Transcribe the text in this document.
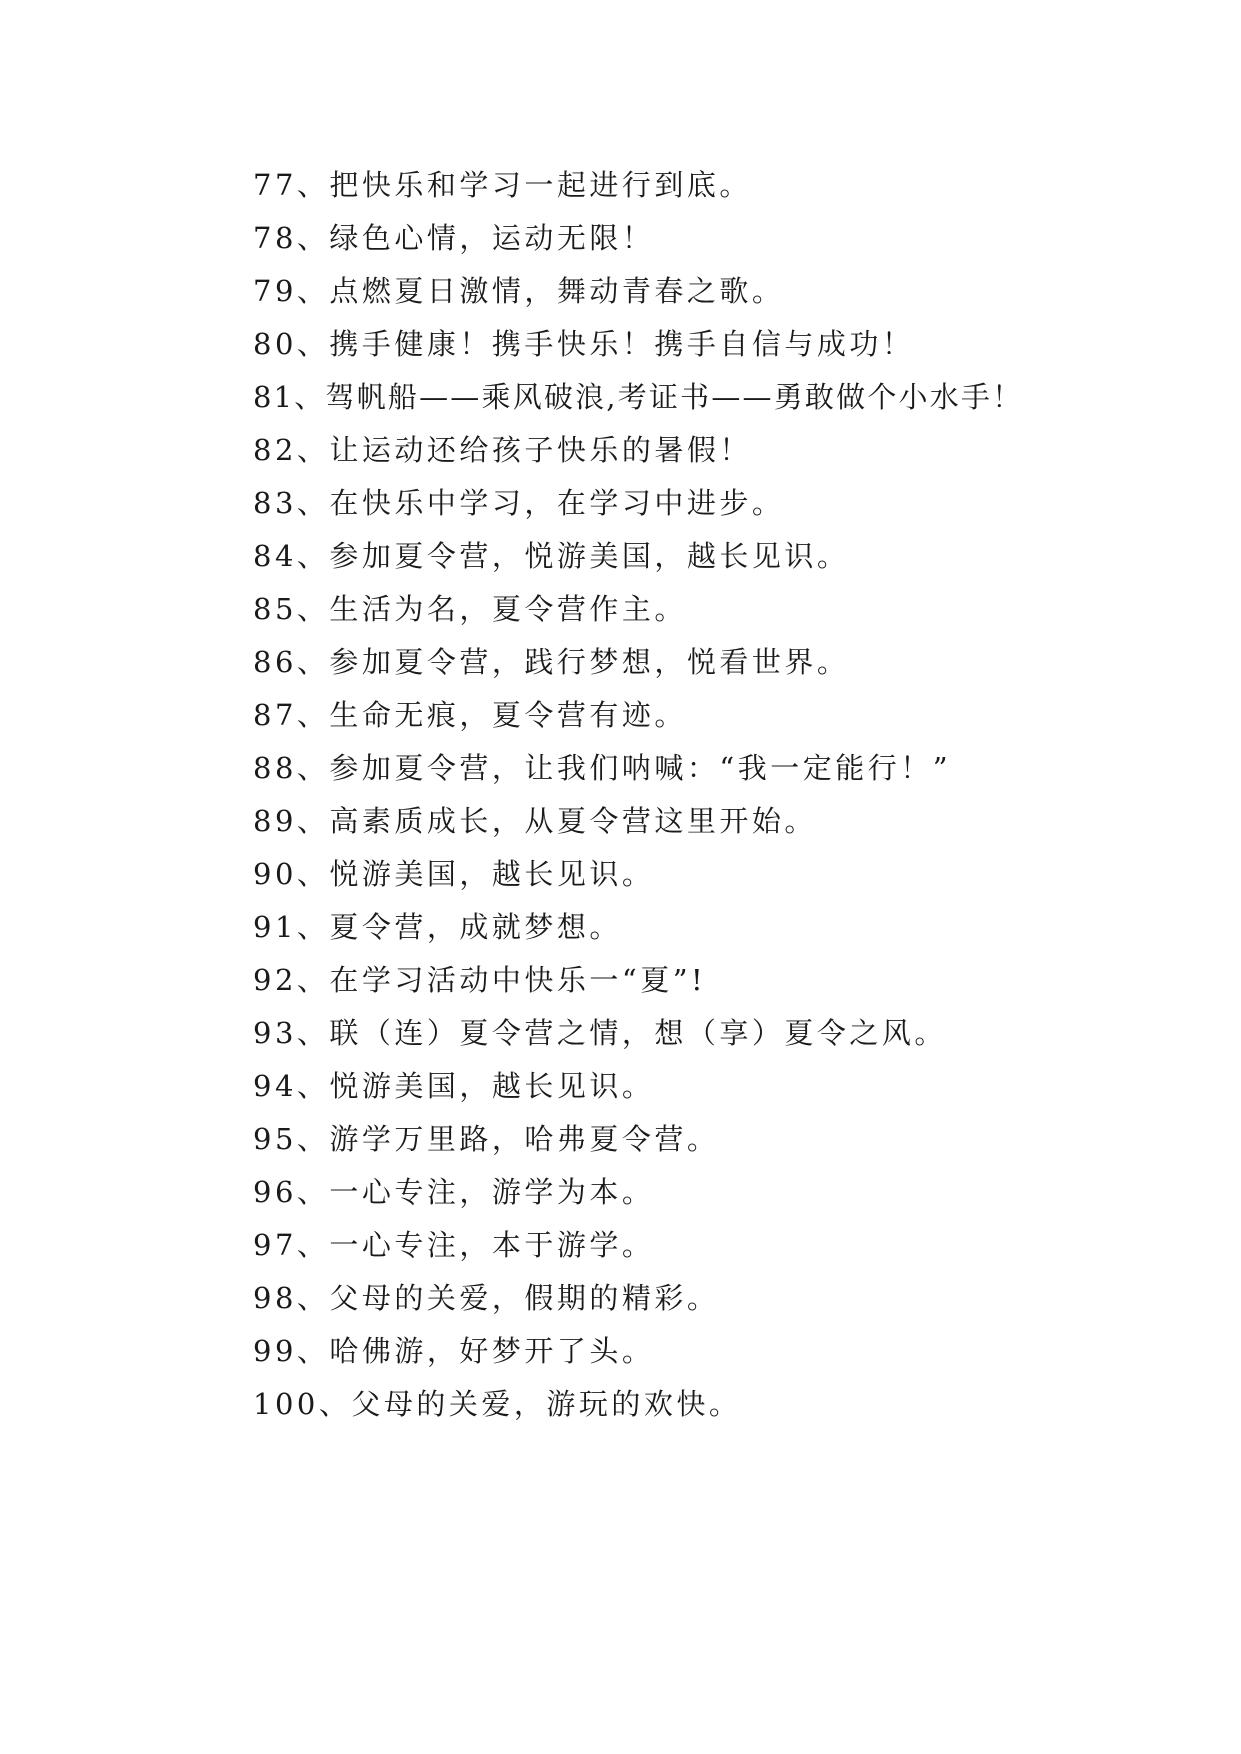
77、把快乐和学习一起进行到底。
78、绿色心情，运动无限！
79、点燃夏日激情，舞动青春之歌。
80、携手健康！携手快乐！携手自信与成功！
81、驾帆船——乘风破浪,考证书——勇敢做个小水手！
82、让运动还给孩子快乐的暑假！
83、在快乐中学习，在学习中进步。
84、参加夏令营，悦游美国，越长见识。
85、生活为名，夏令营作主。
86、参加夏令营，践行梦想，悦看世界。
87、生命无痕，夏令营有迹。
88、参加夏令营，让我们呐喊：“我一定能行！”
89、高素质成长，从夏令营这里开始。
90、悦游美国，越长见识。
91、夏令营，成就梦想。
92、在学习活动中快乐一“夏”!
93、联（连）夏令营之情，想（享）夏令之风。
94、悦游美国，越长见识。
95、游学万里路，哈弗夏令营。
96、一心专注，游学为本。
97、一心专注，本于游学。
98、父母的关爱，假期的精彩。
99、哈佛游，好梦开了头。
100、父母的关爱，游玩的欢快。
